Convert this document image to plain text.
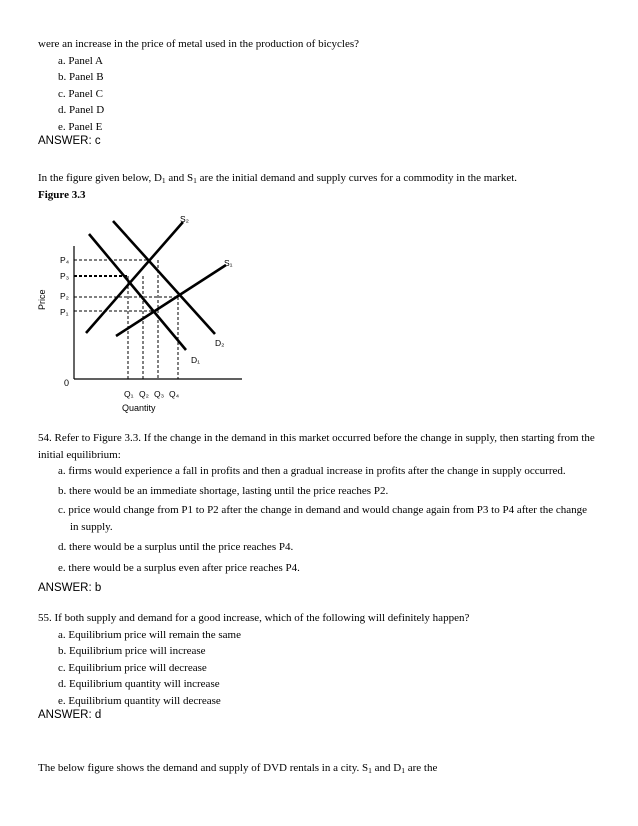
were an increase in the price of metal used in the production of bicycles?
a. Panel A
b. Panel B
c. Panel C
d. Panel D
e. Panel E
ANSWER: c
In the figure given below, $D_1$ and $S_1$ are the initial demand and supply curves for a commodity in the market.
Figure 3.3
Price
Quantity
0
P₄
P₃
P₂
P₁
Q₁ Q₂ Q₃ Q₄
S₂
S₁
D₂
D₁
54. Refer to Figure 3.3. If the change in the demand in this market occurred before the change in supply, then starting from the initial equilibrium:
a. firms would experience a fall in profits and then a gradual increase in profits after the change in supply occurred.
b. there would be an immediate shortage, lasting until the price reaches P2.
c. price would change from P1 to P2 after the change in demand and would change again from P3 to P4 after the change in supply.
d. there would be a surplus until the price reaches P4.
e. there would be a surplus even after price reaches P4.
ANSWER: b
55. If both supply and demand for a good increase, which of the following will definitely happen?
a. Equilibrium price will remain the same
b. Equilibrium price will increase
c. Equilibrium price will decrease
d. Equilibrium quantity will increase
e. Equilibrium quantity will decrease
ANSWER: d
The below figure shows the demand and supply of DVD rentals in a city. $S_1$ and $D_1$ are the
